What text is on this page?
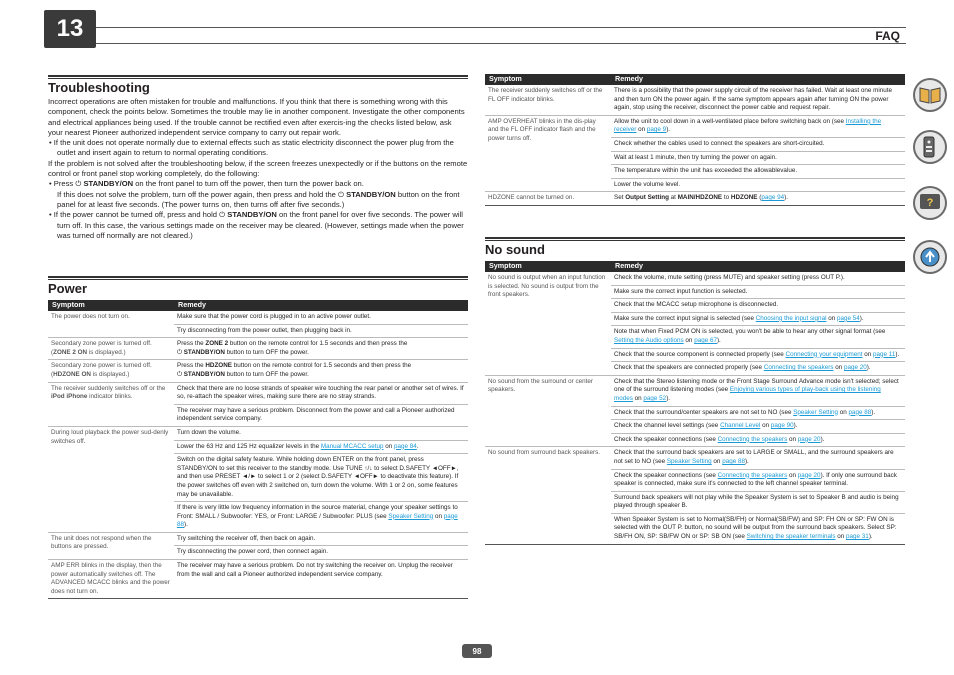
13	FAQ
Troubleshooting

Incorrect operations are often mistaken for trouble and malfunctions. If you think that there is something wrong with this component, check the points below. Sometimes the trouble may lie in another component. Investigate the other components and electrical appliances being used. If the trouble cannot be rectified even after exercis-ing the checks listed below, ask your nearest Pioneer authorized independent service company to carry out repair work.

• If the unit does not operate normally due to external effects such as static electricity disconnect the power plug from the outlet and insert again to return to normal operating conditions.

If the problem is not solved after the troubleshooting below, if the screen freezes unexpectedly or if the buttons on the remote control or front panel stop working completely, do the following:

• Press ⏻ STANDBY/ON on the front panel to turn off the power, then turn the power back on.

If this does not solve the problem, turn off the power again, then press and hold the ⏻ STANDBY/ON button on the front panel for at least five seconds. (The power turns on, then turns off after five seconds.)

• If the power cannot be turned off, press and hold ⏻ STANDBY/ON on the front panel for over five seconds. The power will turn off. In this case, the various settings made on the receiver may be cleared. (However, settings made when the power was turned off normally are not cleared.)

Power
Symptom	Remedy
The power does not turn on.	Make sure that the power cord is plugged in to an active power outlet.
	Try disconnecting from the power outlet, then plugging back in.
Secondary zone power is turned off. (ZONE 2 ON is displayed.)	Press the ZONE 2 button on the remote control for 1.5 seconds and then press the
⏻ STANDBY/ON button to turn OFF the power.
Secondary zone power is turned off. (HDZONE ON is displayed.)	Press the HDZONE button on the remote control for 1.5 seconds and then press the
⏻ STANDBY/ON button to turn OFF the power.
The receiver suddenly switches off or the iPod iPhone indicator blinks.	Check that there are no loose strands of speaker wire touching the rear panel or another set of wires. If so, re-attach the speaker wires, making sure there are no stray strands.
	The receiver may have a serious problem. Disconnect from the power and call a Pioneer authorized independent service company.
During loud playback the power sud-denly switches off.	Turn down the volume.
	Lower the 63 Hz and 125 Hz equalizer levels in the Manual MCACC setup on page 84.
	Switch on the digital safety feature. While holding down ENTER on the front panel, press STANDBY/ON to set this receiver to the standby mode. Use TUNE ↑/↓ to select D.SAFETY ◄OFF►, and then use PRESET ◄/► to select 1 or 2 (select D.SAFETY ◄OFF► to deactivate this feature). If the power switches off even with 2 switched on, turn down the volume. With 1 or 2 on, some features may be unavailable.
	If there is very little low frequency information in the source material, change your speaker settings to Front: SMALL / Subwoofer: YES, or Front: LARGE / Subwoofer: PLUS (see Speaker Setting on page 88).
The unit does not respond when the buttons are pressed.	Try switching the receiver off, then back on again.
	Try disconnecting the power cord, then connect again.
AMP ERR blinks in the display, then the power automatically switches off. The ADVANCED MCACC blinks and the power does not turn on.	The receiver may have a serious problem. Do not try switching the receiver on. Unplug the receiver from the wall and call a Pioneer authorized independent service company.
Symptom	Remedy
The receiver suddenly switches off or the FL OFF indicator blinks.	There is a possibility that the power supply circuit of the receiver has failed. Wait at least one minute and then turn ON the power again. If the same symptom appears again after turning ON the power again, stop using the receiver, disconnect the power cable and request repair.
AMP OVERHEAT blinks in the dis-play and the FL OFF indicator flash and the power turns off.	Allow the unit to cool down in a well-ventilated place before switching back on (see Installing the receiver on page 9).
	Check whether the cables used to connect the speakers are short-circuited.
	Wait at least 1 minute, then try turning the power on again.
	The temperature within the unit has exceeded the allowablevalue.
	Lower the volume level.
HDZONE cannot be turned on.	Set Output Setting at MAIN/HDZONE to HDZONE (page 94).
No sound
Symptom	Remedy
No sound is output when an input function is selected. No sound is output from the front speakers.	Check the volume, mute setting (press MUTE) and speaker setting (press OUT P.).
	Make sure the correct input function is selected.
	Check that the MCACC setup microphone is disconnected.
	Make sure the correct input signal is selected (see Choosing the input signal on page 54).
	Note that when Fixed PCM ON is selected, you won't be able to hear any other signal format (see Setting the Audio options on page 67).
	Check that the source component is connected properly (see Connecting your equipment on page 11).
	Check that the speakers are connected properly (see Connecting the speakers on page 20).
No sound from the surround or center speakers.	Check that the Stereo listening mode or the Front Stage Surround Advance mode isn't selected; select one of the surround listening modes (see Enjoying various types of play-back using the listening modes on page 52).
	Check that the surround/center speakers are not set to NO (see Speaker Setting on page 88).
	Check the channel level settings (see Channel Level on page 90).
	Check the speaker connections (see Connecting the speakers on page 20).
No sound from surround back speakers.	Check that the surround back speakers are set to LARGE or SMALL, and the surround speakers are not set to NO (see Speaker Setting on page 88).
	Check the speaker connections (see Connecting the speakers on page 20). If only one surround back speaker is connected, make sure it's connected to the left channel speaker terminal.
	Surround back speakers will not play while the Speaker System is set to Speaker B and audio is being played through speaker B.
	When Speaker System is set to Normal(SB/FH) or Normal(SB/FW) and SP: FH ON or SP: FW ON is selected with the OUT P. button, no sound will be output from the surround back speakers. Select SP: SB/FH ON, SP: SB/FW ON or SP: SB ON (see Switching the speaker terminals on page 31).
?
98
